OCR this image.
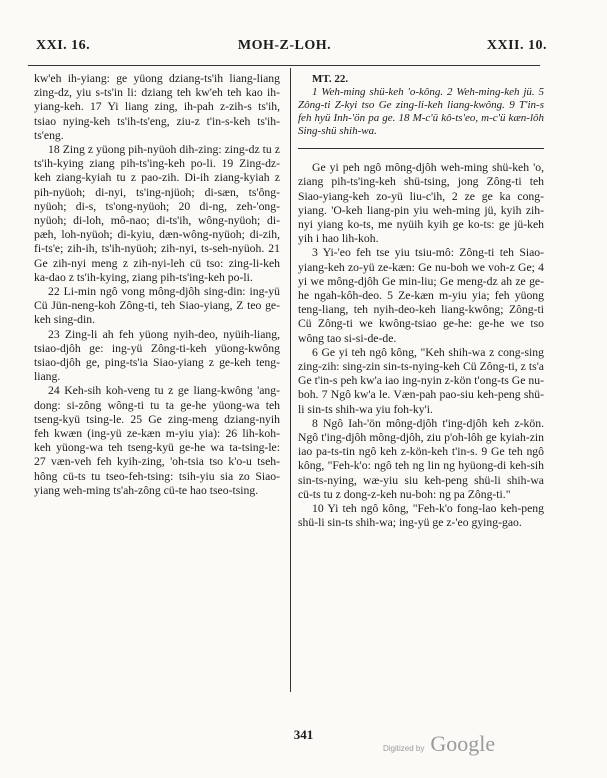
XXI. 16.	MOH-Z-LOH.	XXII. 10.

kw'eh ih-yiang: ge yüong dziang-ts'ih liang-liang zing-dz, yiu s-ts'in li: dziang teh kw'eh teh kao ih-yiang-keh. 17 Yi liang zing, ih-pah z-zih-s ts'ih, tsiao nying-keh ts'ih-ts'eng, ziu-z t'in-s-keh ts'ih-ts'eng.

18 Zing z yüong pih-nyüoh dih-zing: zing-dz tu z ts'ih-kying ziang pih-ts'ing-keh po-li. 19 Zing-dz-keh ziang-kyiah tu z pao-zih. Di-ih ziang-kyiah z pih-nyüoh; di-nyi, ts'ing-njüoh; di-sæn, ts'ông-nyüoh; di-s, ts'ong-nyüoh; 20 di-ng, zeh-'ong-nyüoh; di-loh, mô-nao; di-ts'ih, wông-nyüoh; di-pæh, loh-nyüoh; di-kyiu, dæn-wông-nyüoh; di-zih, fi-ts'e; zih-ih, ts'ih-nyüoh; zih-nyi, ts-seh-nyüoh. 21 Ge zih-nyi meng z zih-nyi-leh cü tso: zing-li-keh ka-dao z ts'ih-kying, ziang pih-ts'ing-keh po-li.

22 Li-min ngô vong mông-djôh sing-din: ing-yü Cü Jün-neng-koh Zông-ti, teh Siao-yiang, Z teo ge-keh sing-din.

23 Zing-li ah feh yüong nyih-deo, nyüih-liang, tsiao-djôh ge: ing-yü Zông-ti-keh yüong-kwông tsiao-djôh ge, ping-ts'ia Siao-yiang z ge-keh teng-liang.

24 Keh-sih koh-veng tu z ge liang-kwông 'ang-dong: si-zông wông-ti tu ta ge-he yüong-wa teh tseng-kyü tsing-le. 25 Ge zing-meng dziang-nyih feh kwæn (ing-yü ze-kæn m-yiu yia): 26 lih-koh-keh yüong-wa teh tseng-kyü ge-he wa ta-tsing-le: 27 væn-veh feh kyih-zing, 'oh-tsia tso k'o-u tseh-hông cü-ts tu tseo-feh-tsing: tsih-yiu sia zo Siao-yiang weh-ming ts'ah-zông cü-te hao tseo-tsing.

MT. 22.

1 Weh-ming shü-keh 'o-kông. 2 Weh-ming-keh jü. 5 Zông-ti Z-kyi tso Ge zing-li-keh liang-kwông. 9 T'in-s feh hyü Inh-'ön pa ge. 18 M-c'ü kô-ts'eo, m-c'ü kæn-lôh Sing-shü shih-wa.

Ge yi peh ngô mông-djôh weh-ming shü-keh 'o, ziang pih-ts'ing-keh shü-tsing, jong Zông-ti teh Siao-yiang-keh zo-yü liu-c'ih, 2 ze ge ka cong-yiang. 'O-keh liang-pin yiu weh-ming jü, kyih zih-nyi yiang ko-ts, me nyüih kyih ge ko-ts: ge jü-keh yih i hao lih-koh.

3 Yi-'eo feh tse yiu tsiu-mô: Zông-ti teh Siao-yiang-keh zo-yü ze-kæn: Ge nu-boh we voh-z Ge; 4 yi we mông-djôh Ge min-liu; Ge meng-dz ah ze ge-he ngah-kôh-deo. 5 Ze-kæn m-yiu yia; feh yüong teng-liang, teh nyih-deo-keh liang-kwông; Zông-ti Cü Zông-ti we kwông-tsiao ge-he: ge-he we tso wông tao si-si-de-de.

6 Ge yi teh ngô kông, "Keh shih-wa z cong-sing zing-zih: sing-zin sin-ts-nying-keh Cü Zông-ti, z ts'a Ge t'in-s peh kw'a iao ing-nyin z-kön t'ong-ts Ge nu-boh. 7 Ngô kw'a le. Væn-pah pao-siu keh-peng shü-li sin-ts shih-wa yiu foh-ky'i.

8 Ngô Iah-'ön mông-djôh t'ing-djôh keh z-kön. Ngô t'ing-djôh mông-djôh, ziu p'oh-lôh ge kyiah-zin iao pa-ts-tin ngô keh z-kön-keh t'in-s. 9 Ge teh ngô kông, "Feh-k'o: ngô teh ng lin ng hyüong-di keh-sih sin-ts-nying, wæ-yiu siu keh-peng shü-li shih-wa cü-ts tu z dong-z-keh nu-boh: ng pa Zông-ti."

10 Yi teh ngô kông, "Feh-k'o fong-lao keh-peng shü-li sin-ts shih-wa; ing-yü ge z-'eo gying-gao.

341
Digitized by Google
